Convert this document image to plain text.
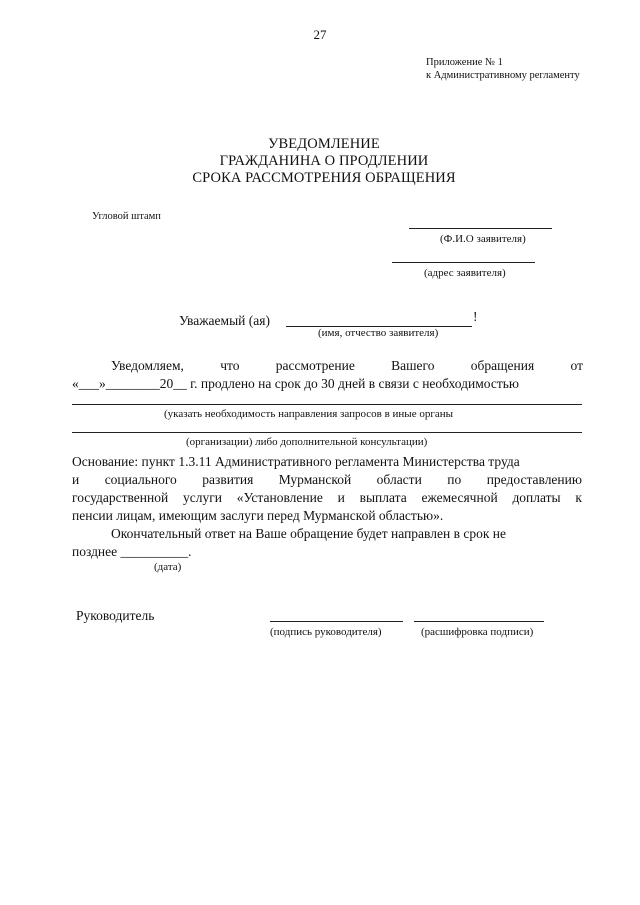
27
Приложение № 1
к Административному регламенту
УВЕДОМЛЕНИЕ
ГРАЖДАНИНА О ПРОДЛЕНИИ
СРОКА РАССМОТРЕНИЯ ОБРАЩЕНИЯ
Угловой штамп
(Ф.И.О заявителя)
(адрес заявителя)
Уважаемый (ая)	!
(имя, отчество заявителя)
Уведомляем,	что	рассмотрение	Вашего	обращения	от
«___»________20__ г. продлено на срок до 30 дней в связи с необходимостью
(указать необходимость направления запросов в иные органы
(организации) либо дополнительной консультации)
Основание: пункт 1.3.11 Административного регламента Министерства труда
и социального развития Мурманской области по предоставлению
государственной услуги «Установление и выплата ежемесячной доплаты к
пенсии лицам, имеющим заслуги перед Мурманской областью».
Окончательный ответ на Ваше обращение будет направлен в срок не
позднее __________.
(дата)
Руководитель
(подпись руководителя)	(расшифровка подписи)
